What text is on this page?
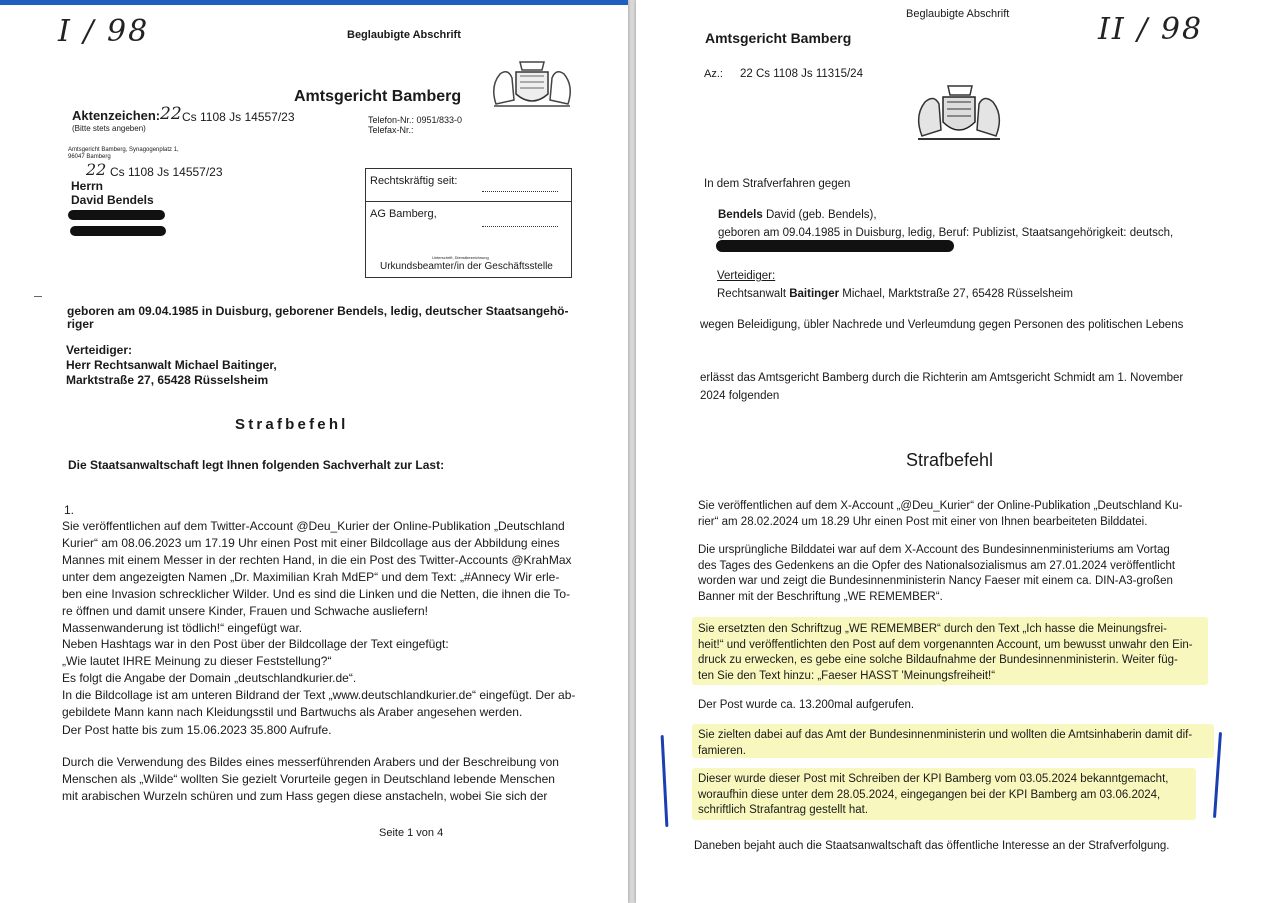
I / 98	Beglaubigte Abschrift
Amtsgericht Bamberg
Aktenzeichen: 22 Cs 1108 Js 14557/23
(Bitte stets angeben)
Telefon-Nr.: 0951/833-0
Telefax-Nr.:
Amtsgericht Bamberg, Synagogenplatz 1,
96047 Bamberg
22 Cs 1108 Js 14557/23
Herrn
David Bendels
Rechtskräftig seit:
AG Bamberg,
Unterschrift, Dienstbezeichnung
Urkundsbeamter/in der Geschäftsstelle
geboren am 09.04.1985 in Duisburg, geborener Bendels, ledig, deutscher Staatsangehö-
riger
Verteidiger:
Herr Rechtsanwalt Michael Baitinger,
Marktstraße 27, 65428 Rüsselsheim
Strafbefehl
Die Staatsanwaltschaft legt Ihnen folgenden Sachverhalt zur Last:
1.
Sie veröffentlichen auf dem Twitter-Account @Deu_Kurier der Online-Publikation „Deutschland
Kurier“ am 08.06.2023 um 17.19 Uhr einen Post mit einer Bildcollage aus der Abbildung eines
Mannes mit einem Messer in der rechten Hand, in die ein Post des Twitter-Accounts @KrahMax
unter dem angezeigten Namen „Dr. Maximilian Krah MdEP“ und dem Text: „#Annecy Wir erle-
ben eine Invasion schrecklicher Wilder. Und es sind die Linken und die Netten, die ihnen die To-
re öffnen und damit unsere Kinder, Frauen und Schwache ausliefern!
Massenwanderung ist tödlich!“ eingefügt war.
Neben Hashtags war in den Post über der Bildcollage der Text eingefügt:
„Wie lautet IHRE Meinung zu dieser Feststellung?“
Es folgt die Angabe der Domain „deutschlandkurier.de“.
In die Bildcollage ist am unteren Bildrand der Text „www.deutschlandkurier.de“ eingefügt. Der ab-
gebildete Mann kann nach Kleidungsstil und Bartwuchs als Araber angesehen werden.
Der Post hatte bis zum 15.06.2023 35.800 Aufrufe.
Durch die Verwendung des Bildes eines messerführenden Arabers und der Beschreibung von
Menschen als „Wilde“ wollten Sie gezielt Vorurteile gegen in Deutschland lebende Menschen
mit arabischen Wurzeln schüren und zum Hass gegen diese anstacheln, wobei Sie sich der
Seite 1 von 4
Beglaubigte Abschrift	II / 98
Amtsgericht Bamberg
Az.: 22 Cs 1108 Js 11315/24
In dem Strafverfahren gegen
Bendels David (geb. Bendels),
geboren am 09.04.1985 in Duisburg, ledig, Beruf: Publizist, Staatsangehörigkeit: deutsch,
Verteidiger:
Rechtsanwalt Baitinger Michael, Marktstraße 27, 65428 Rüsselsheim
wegen Beleidigung, übler Nachrede und Verleumdung gegen Personen des politischen Lebens
erlässt das Amtsgericht Bamberg durch die Richterin am Amtsgericht Schmidt am 1. November
2024 folgenden
Strafbefehl
Sie veröffentlichen auf dem X-Account „@Deu_Kurier“ der Online-Publikation „Deutschland Ku-
rier“ am 28.02.2024 um 18.29 Uhr einen Post mit einer von Ihnen bearbeiteten Bilddatei.
Die ursprüngliche Bilddatei war auf dem X-Account des Bundesinnenministeriums am Vortag
des Tages des Gedenkens an die Opfer des Nationalsozialismus am 27.01.2024 veröffentlicht
worden war und zeigt die Bundesinnenministerin Nancy Faeser mit einem ca. DIN-A3-großen
Banner mit der Beschriftung „WE REMEMBER“.
Sie ersetzten den Schriftzug „WE REMEMBER“ durch den Text „Ich hasse die Meinungsfrei-
heit!“ und veröffentlichten den Post auf dem vorgenannten Account, um bewusst unwahr den Ein-
druck zu erwecken, es gebe eine solche Bildaufnahme der Bundesinnenministerin. Weiter füg-
ten Sie den Text hinzu: „Faeser HASST 'Meinungsfreiheit!“
Der Post wurde ca. 13.200mal aufgerufen.
Sie zielten dabei auf das Amt der Bundesinnenministerin und wollten die Amtsinhaberin damit dif-
famieren.
Dieser wurde dieser Post mit Schreiben der KPI Bamberg vom 03.05.2024 bekanntgemacht,
woraufhin diese unter dem 28.05.2024, eingegangen bei der KPI Bamberg am 03.06.2024,
schriftlich Strafantrag gestellt hat.
Daneben bejaht auch die Staatsanwaltschaft das öffentliche Interesse an der Strafverfolgung.
